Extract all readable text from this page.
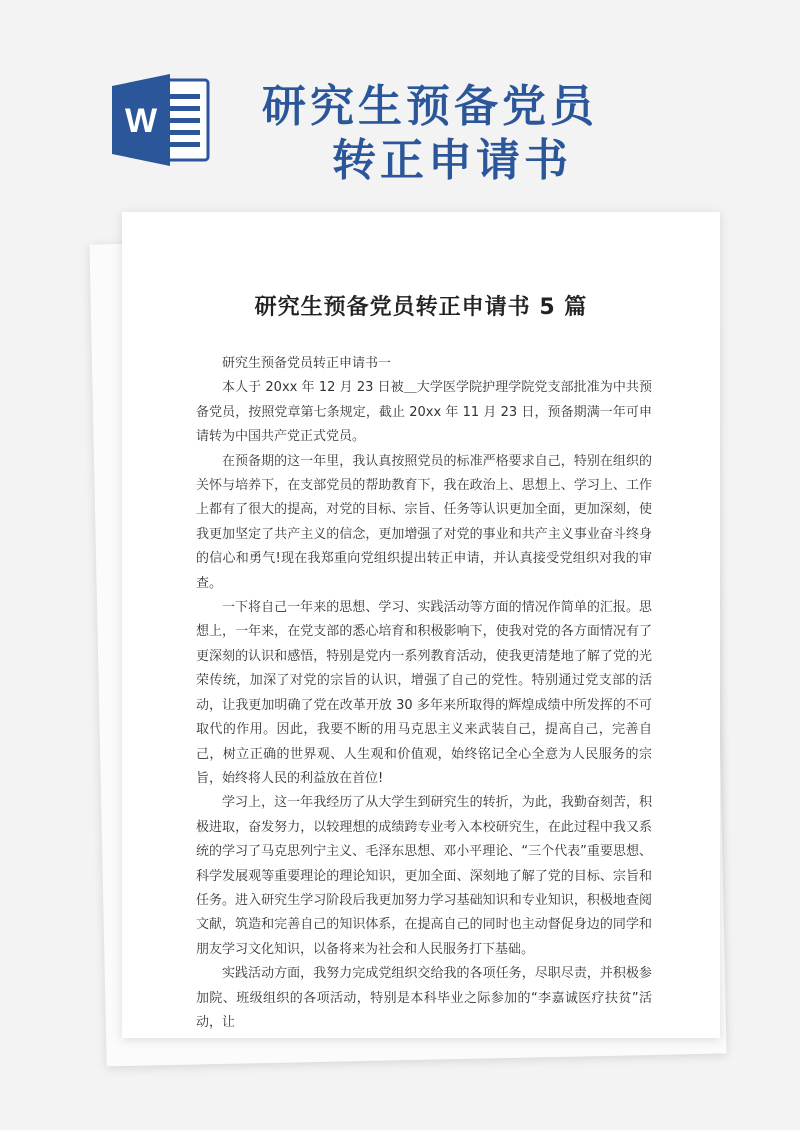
W 研究生预备党员
转正申请书
研究生预备党员转正申请书 5 篇

研究生预备党员转正申请书一

本人于 20xx 年 12 月 23 日被＿大学医学院护理学院党支部批准为中共预备党员，按照党章第七条规定，截止 20xx 年 11 月 23 日，预备期满一年可申请转为中国共产党正式党员。

在预备期的这一年里，我认真按照党员的标准严格要求自己，特别在组织的关怀与培养下，在支部党员的帮助教育下，我在政治上、思想上、学习上、工作上都有了很大的提高，对党的目标、宗旨、任务等认识更加全面，更加深刻，使我更加坚定了共产主义的信念，更加增强了对党的事业和共产主义事业奋斗终身的信心和勇气!现在我郑重向党组织提出转正申请，并认真接受党组织对我的审查。

一下将自己一年来的思想、学习、实践活动等方面的情况作简单的汇报。思想上，一年来，在党支部的悉心培育和积极影响下，使我对党的各方面情况有了更深刻的认识和感悟，特别是党内一系列教育活动，使我更清楚地了解了党的光荣传统，加深了对党的宗旨的认识，增强了自己的党性。特别通过党支部的活动，让我更加明确了党在改革开放 30 多年来所取得的辉煌成绩中所发挥的不可取代的作用。因此，我要不断的用马克思主义来武装自己，提高自己，完善自己，树立正确的世界观、人生观和价值观，始终铭记全心全意为人民服务的宗旨，始终将人民的利益放在首位!

学习上，这一年我经历了从大学生到研究生的转折，为此，我勤奋刻苦，积极进取，奋发努力，以较理想的成绩跨专业考入本校研究生，在此过程中我又系统的学习了马克思列宁主义、毛泽东思想、邓小平理论、“三个代表”重要思想、科学发展观等重要理论的理论知识，更加全面、深刻地了解了党的目标、宗旨和任务。进入研究生学习阶段后我更加努力学习基础知识和专业知识，积极地查阅文献，筑造和完善自己的知识体系，在提高自己的同时也主动督促身边的同学和朋友学习文化知识，以备将来为社会和人民服务打下基础。

实践活动方面，我努力完成党组织交给我的各项任务，尽职尽责，并积极参加院、班级组织的各项活动，特别是本科毕业之际参加的“李嘉诚医疗扶贫”活动，让
